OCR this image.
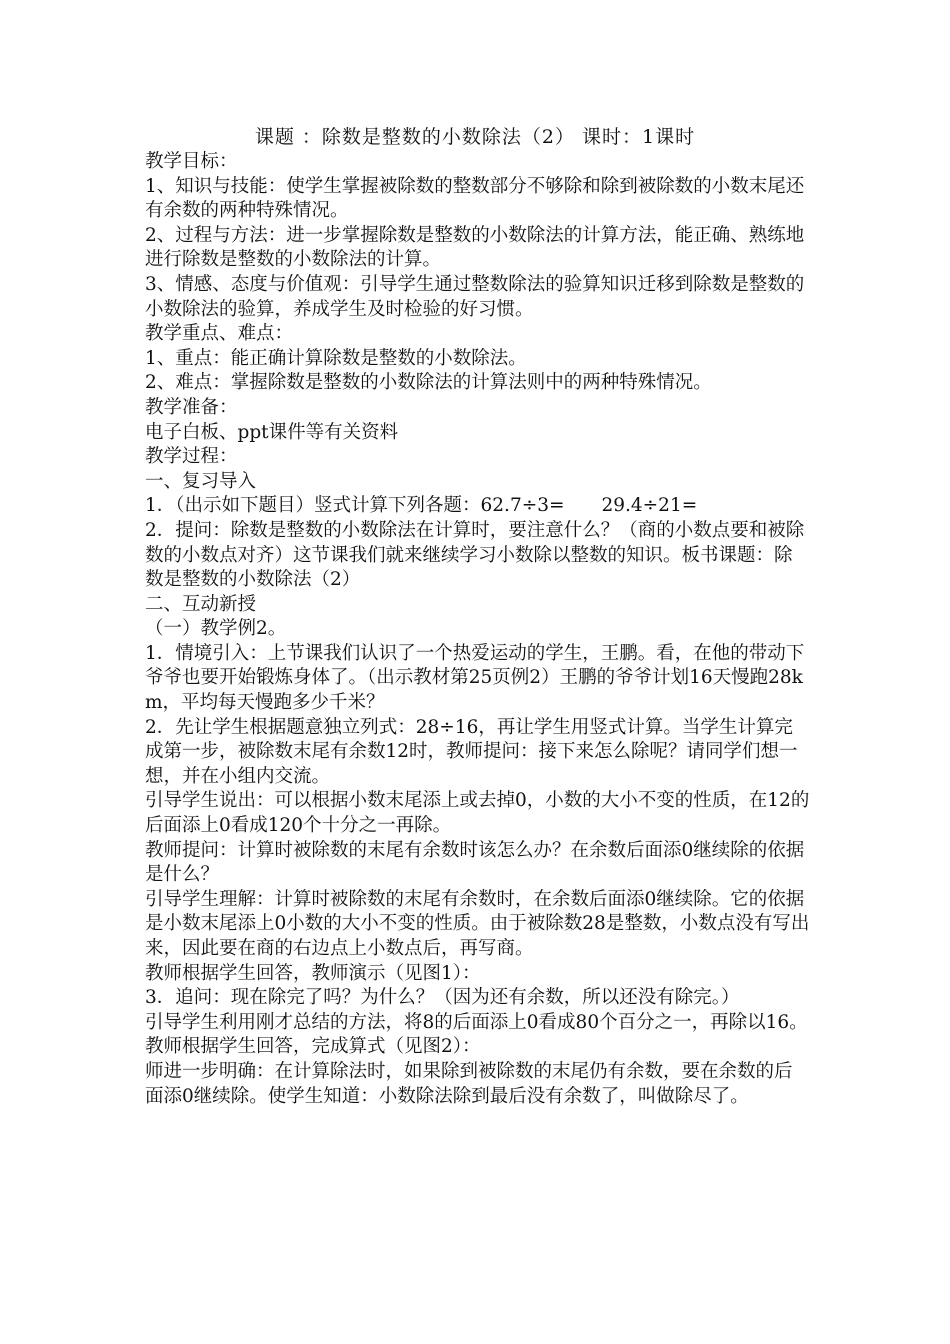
课题 ：除数是整数的小数除法（2） 课时：1课时

教学目标：

1、知识与技能：使学生掌握被除数的整数部分不够除和除到被除数的小数末尾还有余数的两种特殊情况。

2、过程与方法：进一步掌握除数是整数的小数除法的计算方法，能正确、熟练地进行除数是整数的小数除法的计算。

3、情感、态度与价值观：引导学生通过整数除法的验算知识迁移到除数是整数的小数除法的验算，养成学生及时检验的好习惯。

教学重点、难点：

1、重点：能正确计算除数是整数的小数除法。

2、难点：掌握除数是整数的小数除法的计算法则中的两种特殊情况。

教学准备：

电子白板、ppt课件等有关资料

教学过程：

一、复习导入

1．（出示如下题目）竖式计算下列各题：62.7÷3=　　29.4÷21=

2．提问：除数是整数的小数除法在计算时，要注意什么？（商的小数点要和被除数的小数点对齐）这节课我们就来继续学习小数除以整数的知识。板书课题：除数是整数的小数除法（2）

二、互动新授

（一）教学例2。

1．情境引入：上节课我们认识了一个热爱运动的学生，王鹏。看，在他的带动下爷爷也要开始锻炼身体了。（出示教材第25页例2）王鹏的爷爷计划16天慢跑28km，平均每天慢跑多少千米？

2．先让学生根据题意独立列式：28÷16，再让学生用竖式计算。当学生计算完成第一步，被除数末尾有余数12时，教师提问：接下来怎么除呢？请同学们想一想，并在小组内交流。

引导学生说出：可以根据小数末尾添上或去掉0，小数的大小不变的性质，在12的后面添上0看成120个十分之一再除。

教师提问：计算时被除数的末尾有余数时该怎么办？在余数后面添0继续除的依据是什么？

引导学生理解：计算时被除数的末尾有余数时，在余数后面添0继续除。它的依据是小数末尾添上0小数的大小不变的性质。由于被除数28是整数，小数点没有写出来，因此要在商的右边点上小数点后，再写商。

教师根据学生回答，教师演示（见图1）：

3．追问：现在除完了吗？为什么？（因为还有余数，所以还没有除完。）

引导学生利用刚才总结的方法，将8的后面添上0看成80个百分之一，再除以16。

教师根据学生回答，完成算式（见图2）：

师进一步明确：在计算除法时，如果除到被除数的末尾仍有余数，要在余数的后面添0继续除。使学生知道：小数除法除到最后没有余数了，叫做除尽了。
